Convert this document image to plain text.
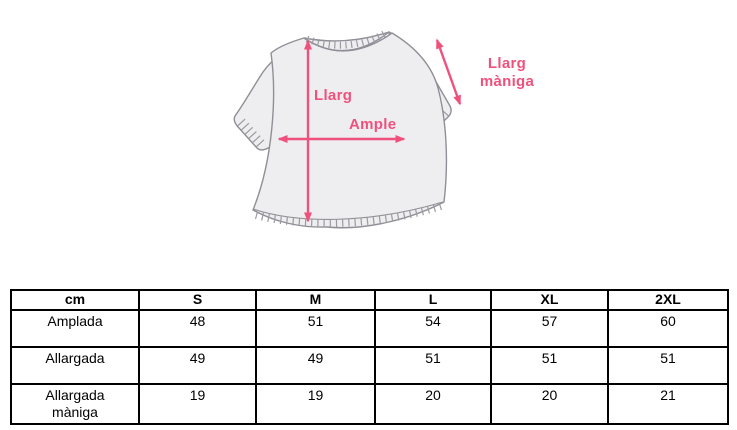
Llarg
Ample
Llarg
màniga
cm	S	M	L	XL	2XL
Amplada	48	51	54	57	60
Allargada	49	49	51	51	51

Allargada
màniga	19	19	20	20	21
